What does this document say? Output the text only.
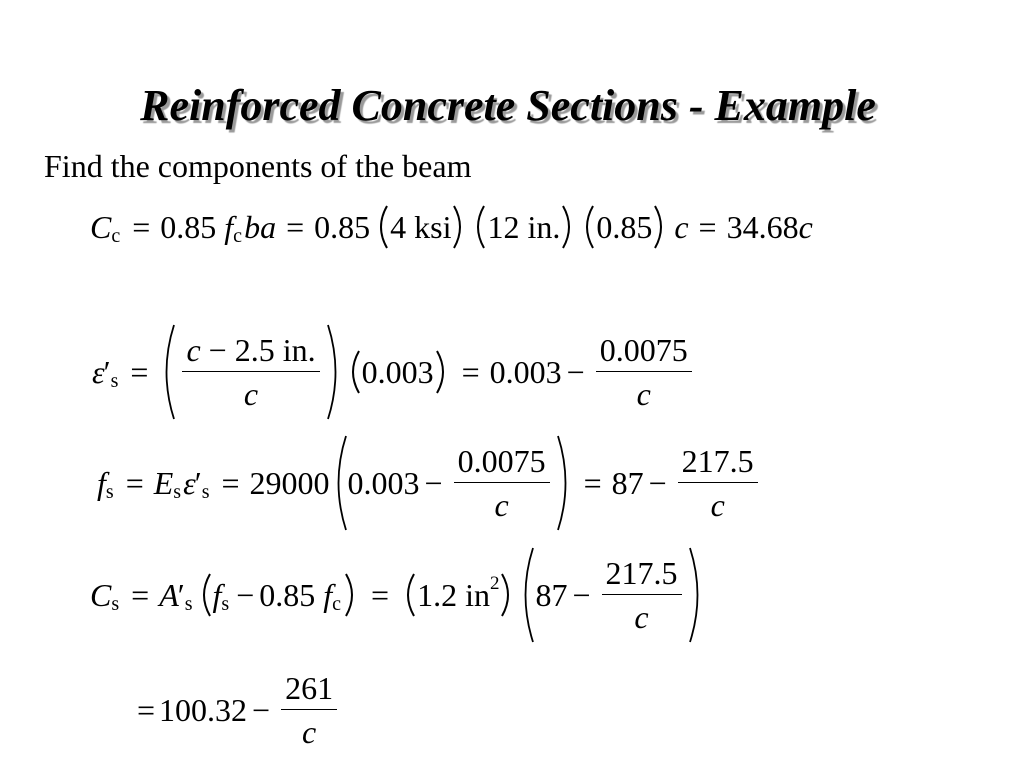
Reinforced Concrete Sections - Example
Find the components of the beam
C c = 0.85 f c ba = 0.85 4 ksi 12 in. 0.85 c = 34.68 c
ε ′ $s = \frac{c - 2.5 in.}{c} 0.003 = 0.003 - \frac{0.0075}{c}$
f s = E s ε ′ s = 29000 $0.003 - \frac{0.0075}{c} = 87 - \frac{217.5}{c}$
C s = A ′ s f s − 0.85 f c = 1.2 in 2 $87 - \frac{217.5}{c}$
= $100.32 - \frac{261}{c}$
